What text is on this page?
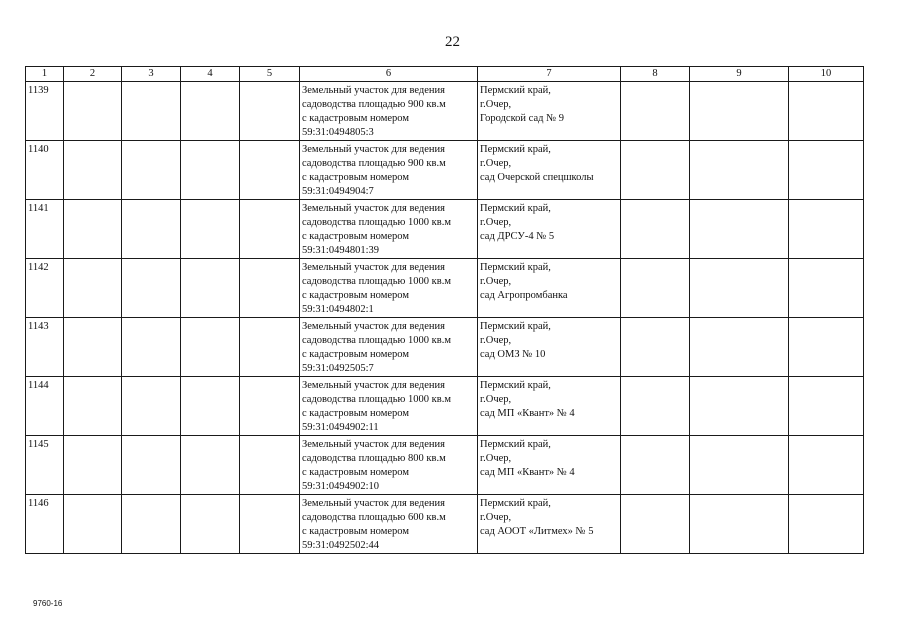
22
1	2	3	4	5	6	7	8	9	10
1139					Земельный участок для ведения
садоводства площадью 900 кв.м
с кадастровым номером
59:31:0494805:3	Пермский край,
г.Очер,
Городской сад № 9			

1140					Земельный участок для ведения
садоводства площадью 900 кв.м
с кадастровым номером
59:31:0494904:7	Пермский край,
г.Очер,
сад Очерской спецшколы			

1141					Земельный участок для ведения
садоводства площадью 1000 кв.м
с кадастровым номером
59:31:0494801:39	Пермский край,
г.Очер,
сад ДРСУ-4 № 5			

1142					Земельный участок для ведения
садоводства площадью 1000 кв.м
с кадастровым номером
59:31:0494802:1	Пермский край,
г.Очер,
сад Агропромбанка			

1143					Земельный участок для ведения
садоводства площадью 1000 кв.м
с кадастровым номером
59:31:0492505:7	Пермский край,
г.Очер,
сад ОМЗ № 10			

1144					Земельный участок для ведения
садоводства площадью 1000 кв.м
с кадастровым номером
59:31:0494902:11	Пермский край,
г.Очер,
сад МП «Квант» № 4			

1145					Земельный участок для ведения
садоводства площадью 800 кв.м
с кадастровым номером
59:31:0494902:10	Пермский край,
г.Очер,
сад МП «Квант» № 4			

1146					Земельный участок для ведения
садоводства площадью 600 кв.м
с кадастровым номером
59:31:0492502:44	Пермский край,
г.Очер,
сад АООТ «Литмех» № 5			

9760-16
